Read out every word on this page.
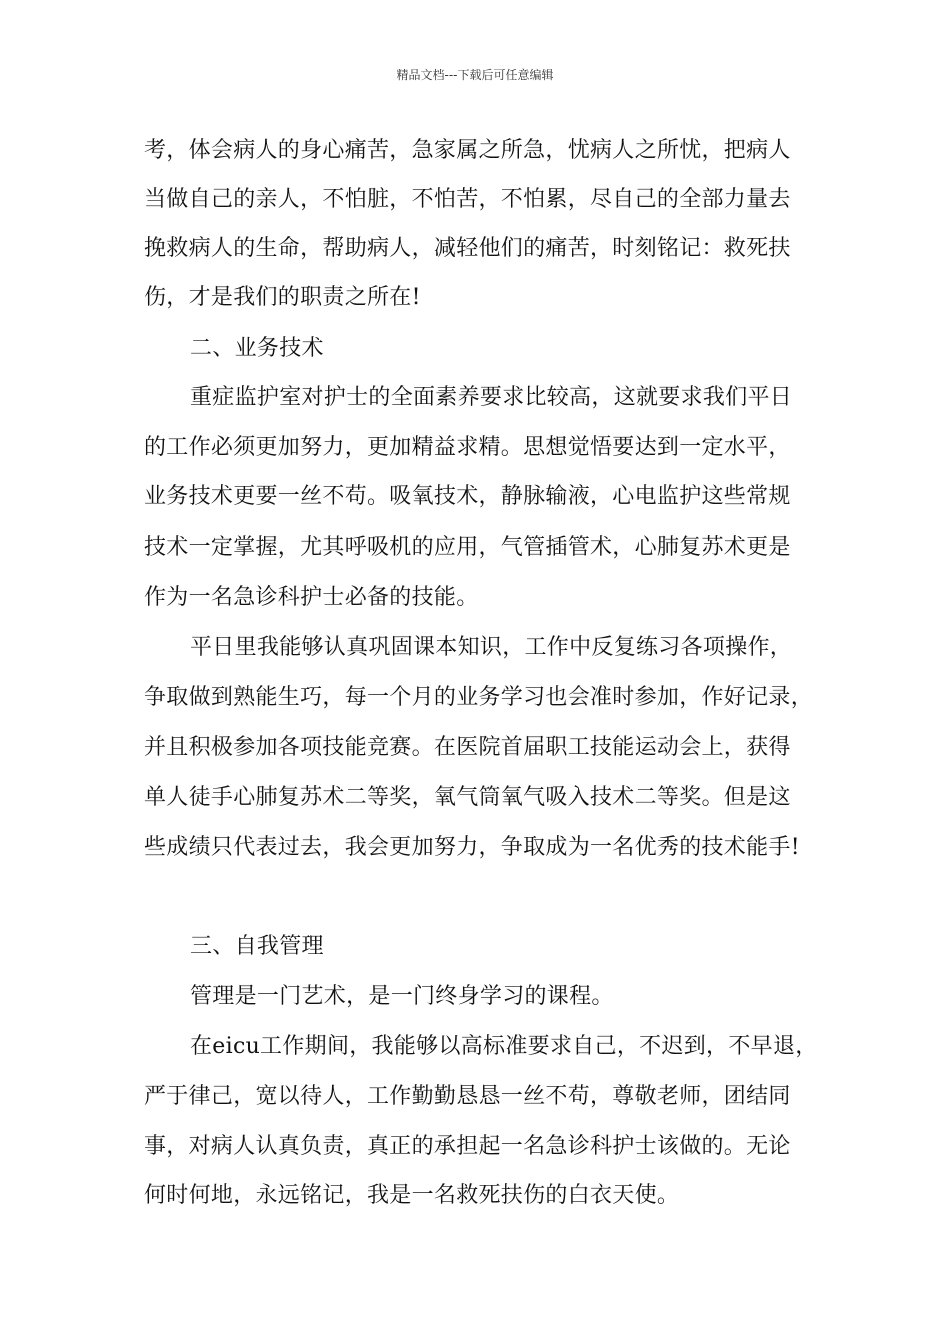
精品文档---下载后可任意编辑
考，体会病人的身心痛苦，急家属之所急，忧病人之所忧，把病人
当做自己的亲人，不怕脏，不怕苦，不怕累，尽自己的全部力量去
挽救病人的生命，帮助病人，减轻他们的痛苦，时刻铭记：救死扶
伤，才是我们的职责之所在!
二、业务技术
重症监护室对护士的全面素养要求比较高，这就要求我们平日
的工作必须更加努力，更加精益求精。思想觉悟要达到一定水平，
业务技术更要一丝不苟。吸氧技术，静脉输液，心电监护这些常规
技术一定掌握，尤其呼吸机的应用，气管插管术，心肺复苏术更是
作为一名急诊科护士必备的技能。
平日里我能够认真巩固课本知识，工作中反复练习各项操作，
争取做到熟能生巧，每一个月的业务学习也会准时参加，作好记录，
并且积极参加各项技能竞赛。在医院首届职工技能运动会上，获得
单人徒手心肺复苏术二等奖，氧气筒氧气吸入技术二等奖。但是这
些成绩只代表过去，我会更加努力，争取成为一名优秀的技术能手!
三、自我管理
管理是一门艺术，是一门终身学习的课程。
在eicu工作期间，我能够以高标准要求自己，不迟到，不早退，
严于律己，宽以待人，工作勤勤恳恳一丝不苟，尊敬老师，团结同
事，对病人认真负责，真正的承担起一名急诊科护士该做的。无论
何时何地，永远铭记，我是一名救死扶伤的白衣天使。
